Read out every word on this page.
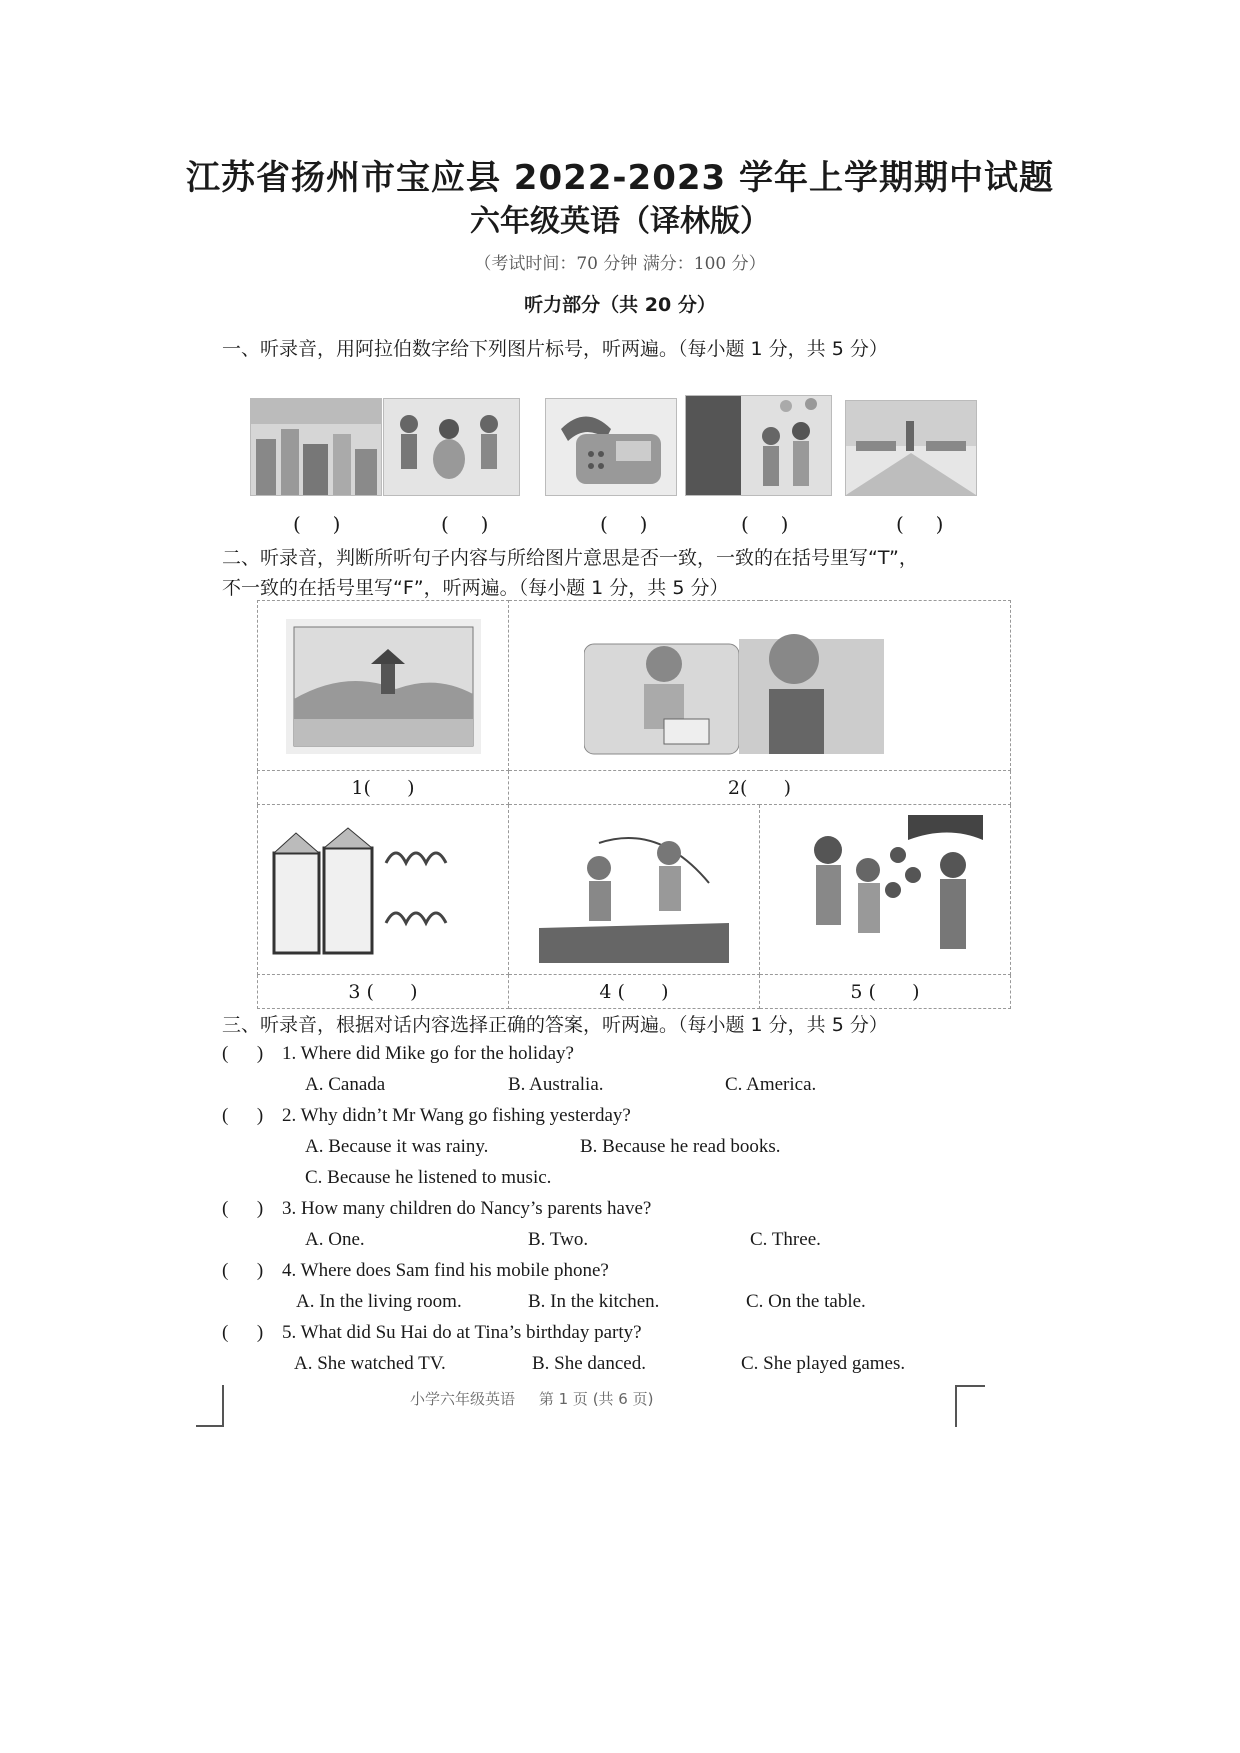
江苏省扬州市宝应县 2022-2023 学年上学期期中试题
六年级英语（译林版）
（考试时间：70 分钟 满分：100 分）
听力部分（共 20 分）
一、听录音，用阿拉伯数字给下列图片标号，听两遍。（每小题 1 分，共 5 分）
(     )	(     )	(     )	(     )	(     )
二、听录音，判断所听句子内容与所给图片意思是否一致，一致的在括号里写“T”，
不一致的在括号里写“F”，听两遍。（每小题 1 分，共 5 分）

1(      )	2(      )	

3 (      )	4 (      )	5 (      )
三、听录音，根据对话内容选择正确的答案，听两遍。（每小题 1 分，共 5 分）
(      ) 1. Where did Mike go for the holiday?
A. Canada	B. Australia.	C. America.
(      ) 2. Why didn’t Mr Wang go fishing yesterday?
A. Because it was rainy.	B. Because he read books.
C. Because he listened to music.
(      ) 3. How many children do Nancy’s parents have?
A. One.	B. Two.	C. Three.
(      ) 4. Where does Sam find his mobile phone?
A. In the living room.	B. In the kitchen.	C. On the table.
(      ) 5. What did Su Hai do at Tina’s birthday party?
A. She watched TV.	B. She danced.	C. She played games.
小学六年级英语     第 1 页 (共 6 页)
